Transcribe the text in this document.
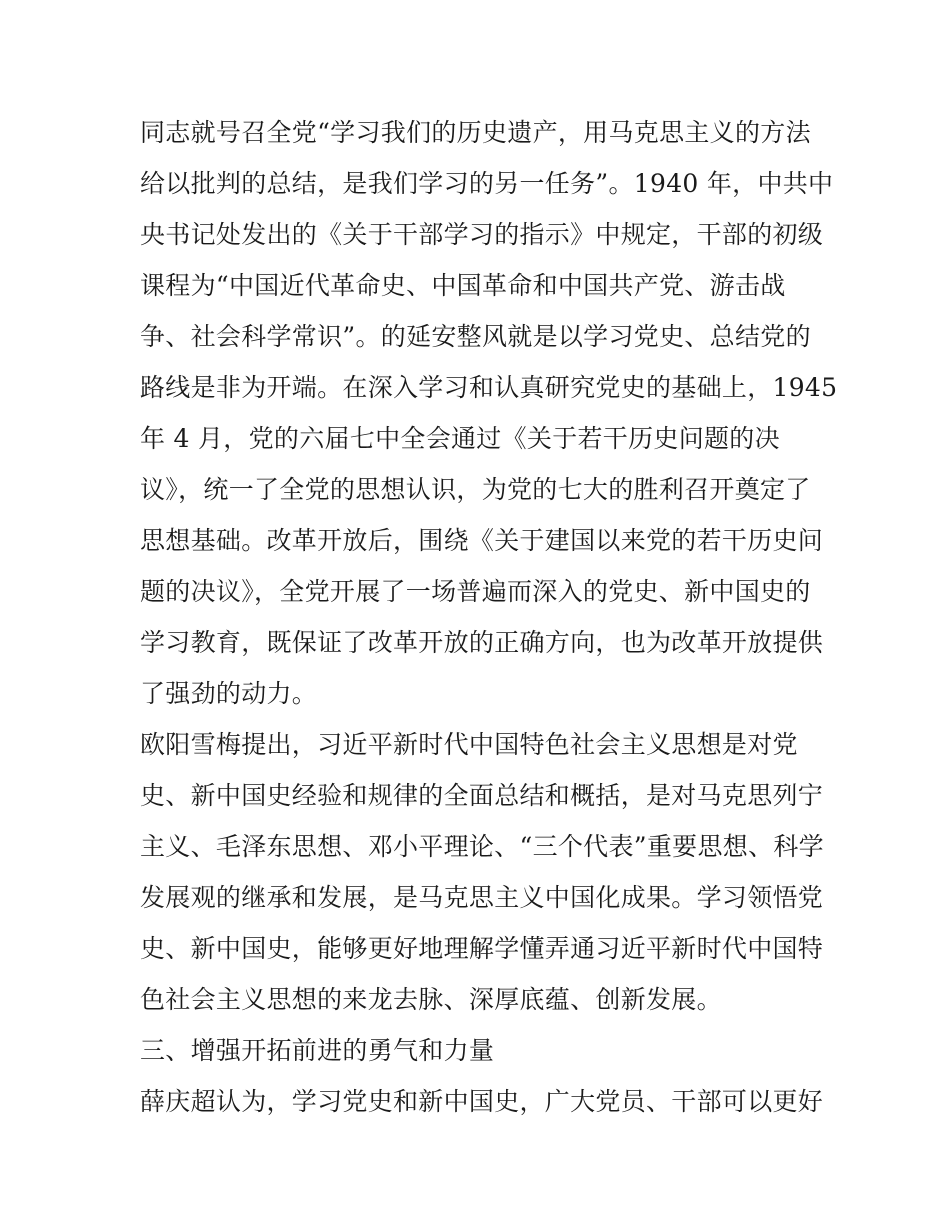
同志就号召全党“学习我们的历史遗产，用马克思主义的方法
给以批判的总结，是我们学习的另一任务”。1940 年，中共中
央书记处发出的《关于干部学习的指示》中规定，干部的初级
课程为“中国近代革命史、中国革命和中国共产党、游击战
争、社会科学常识”。的延安整风就是以学习党史、总结党的
路线是非为开端。在深入学习和认真研究党史的基础上，1945
年 4 月，党的六届七中全会通过《关于若干历史问题的决
议》，统一了全党的思想认识，为党的七大的胜利召开奠定了
思想基础。改革开放后，围绕《关于建国以来党的若干历史问
题的决议》，全党开展了一场普遍而深入的党史、新中国史的
学习教育，既保证了改革开放的正确方向，也为改革开放提供
了强劲的动力。
欧阳雪梅提出，习近平新时代中国特色社会主义思想是对党
史、新中国史经验和规律的全面总结和概括，是对马克思列宁
主义、毛泽东思想、邓小平理论、“三个代表”重要思想、科学
发展观的继承和发展，是马克思主义中国化成果。学习领悟党
史、新中国史，能够更好地理解学懂弄通习近平新时代中国特
色社会主义思想的来龙去脉、深厚底蕴、创新发展。
三、增强开拓前进的勇气和力量
薛庆超认为，学习党史和新中国史，广大党员、干部可以更好
